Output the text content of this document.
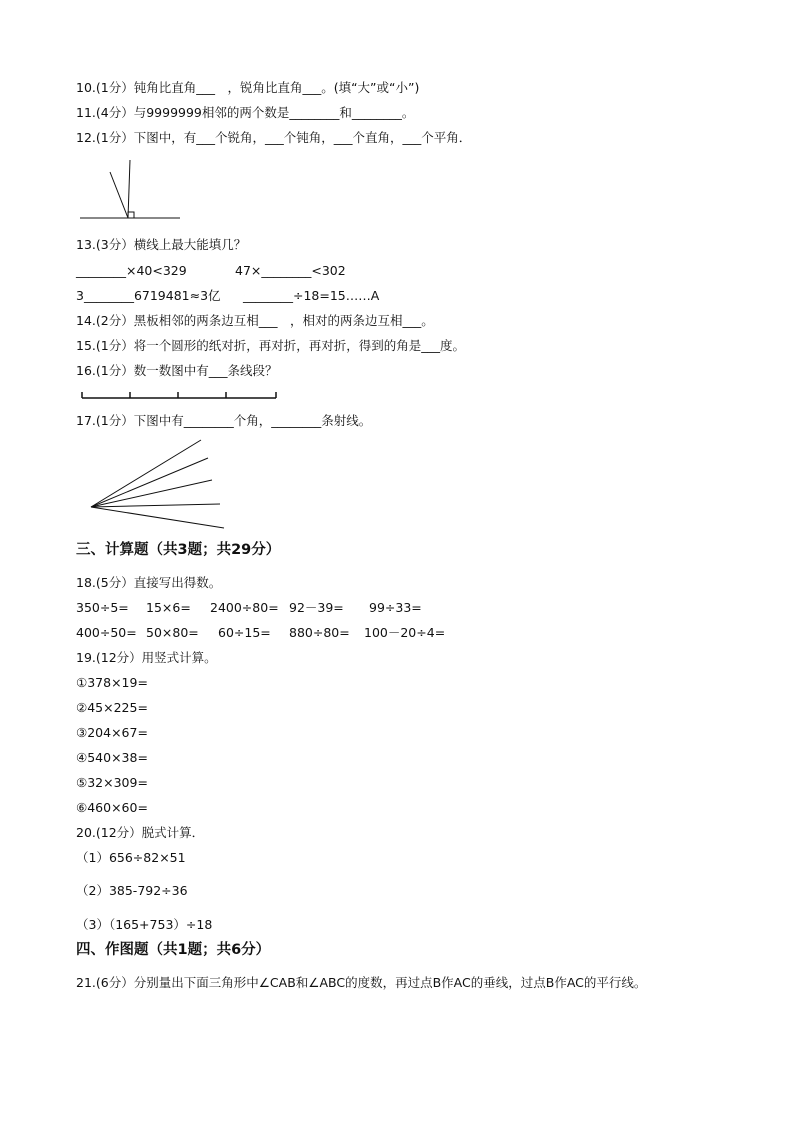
10.(1分）钝角比直角___　，锐角比直角___。(填“大”或“小”)
11.(4分）与9999999相邻的两个数是________和________。
12.(1分）下图中，有___个锐角，___个钝角，___个直角，___个平角．
13.(3分）横线上最大能填几？
________×40<329	47×________<302
3________6719481≈3亿 ________÷18=15……A
14.(2分）黑板相邻的两条边互相___　，相对的两条边互相___。
15.(1分）将一个圆形的纸对折，再对折，再对折，得到的角是___度。
16.(1分）数一数图中有___条线段？
17.(1分）下图中有________个角，________条射线。
三、计算题（共3题；共29分）
18.(5分）直接写出得数。
350÷5= 15×6= 2400÷80= 92－39= 99÷33=
400÷50= 50×80= 60÷15= 880÷80= 100－20÷4=
19.(12分）用竖式计算。
①378×19=
②45×225=
③204×67=
④540×38=
⑤32×309=
⑥460×60=
20.(12分）脱式计算．
（1）656÷82×51
（2）385-792÷36
（3）（165+753）÷18
四、作图题（共1题；共6分）
21.(6分）分别量出下面三角形中∠CAB和∠ABC的度数，再过点B作AC的垂线，过点B作AC的平行线。
